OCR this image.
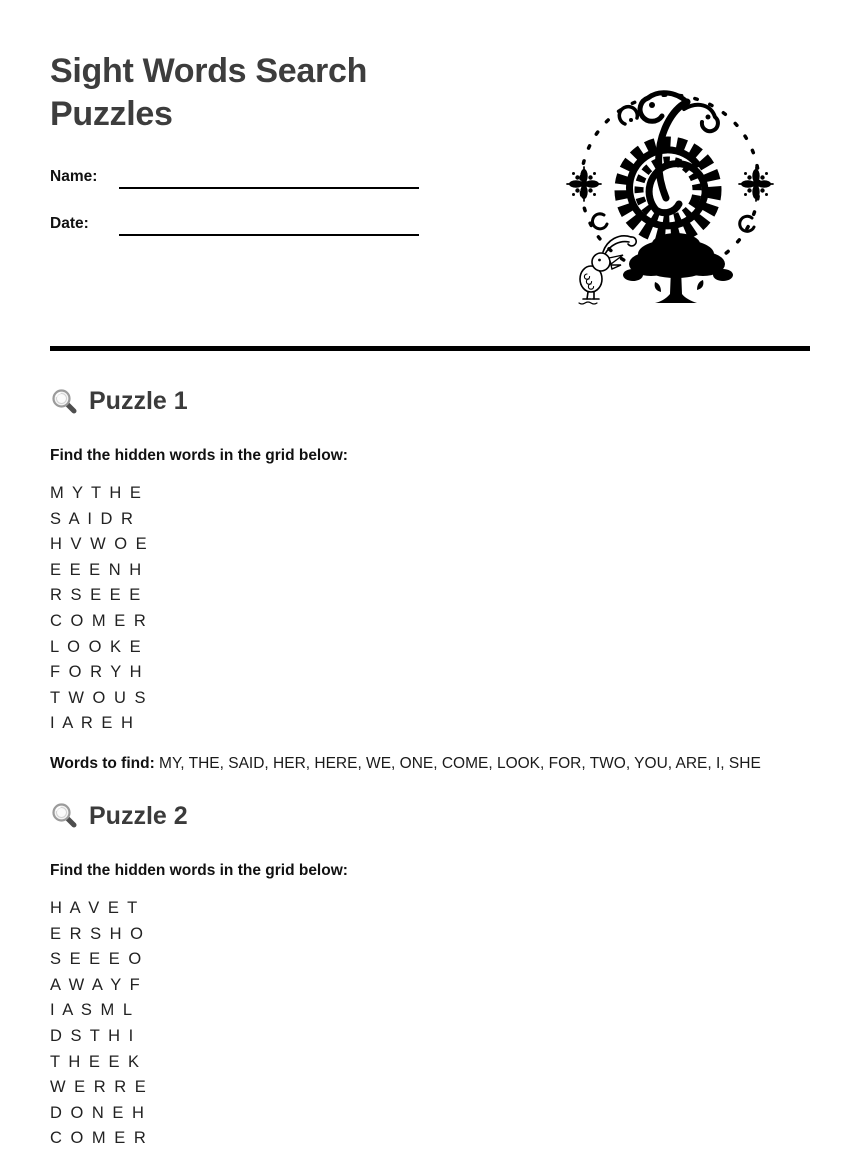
Sight Words Search Puzzles
Name:
Date:
Puzzle 1

Find the hidden words in the grid below:

M Y T H E
S A I D R
H V W O E
E E E N H
R S E E E
C O M E R
L O O K E
F O R Y H
T W O U S
I A R E H

Words to find: MY, THE, SAID, HER, HERE, WE, ONE, COME, LOOK, FOR, TWO, YOU, ARE, I, SHE

Puzzle 2

Find the hidden words in the grid below:

H A V E T
E R S H O
S E E E O
A W A Y F
I A S M L
D S T H I
T H E E K
W E R R E
D O N E H
C O M E R
